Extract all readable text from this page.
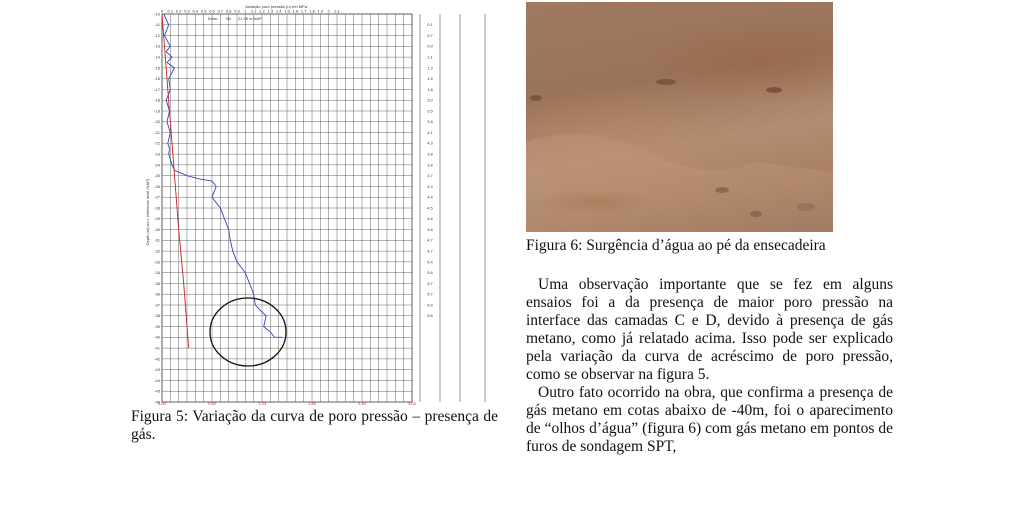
Variação poro pressão (u) em MPa
Estm. Sh 21.35 m NAP
Depth (m) w.r.t. reference level (NAP)
-10
-11
-12
-13
-14
-15
-16
-17
-18
-19
-20
-21
-22
-23
-24
-25
-26
-27
-28
-29
-30
-31
-32
-33
-34
-35
-36
-37
-38
-39
-40
-41
-42
-43
-44
-45
-46
0 0.1 0.2 0.3 0.4 0.5 0.6 0.7 0.8 0.9 1 1.1 1.2 1.3 1.4 1.5 1.6 1.7 1.8 1.9 2 2.1
0.00	0.60	1.20	1.80	2.40	3.00
0.1
0.7
0.9
1.1
1.3
1.5
1.8
3.0
3.5
3.8
4.1
4.3
3.8
3.8
3.7
4.3
4.4
4.5
4.6
4.6
4.7
4.7
5.4
5.6
5.7
5.7
5.9
5.8
Figura 5: Variação da curva de poro pressão – presença de gás.
Figura 6: Surgência d’água ao pé da ensecadeira

Uma observação importante que se fez em alguns ensaios foi a da presença de maior poro pressão na interface das camadas C e D, devido à presença de gás metano, como já relatado acima. Isso pode ser explicado pela variação da curva de acréscimo de poro pressão, como se observar na figura 5.

Outro fato ocorrido na obra, que confirma a presença de gás metano em cotas abaixo de -40m, foi o aparecimento de “olhos d’água” (figura 6) com gás metano em pontos de furos de sondagem SPT,
